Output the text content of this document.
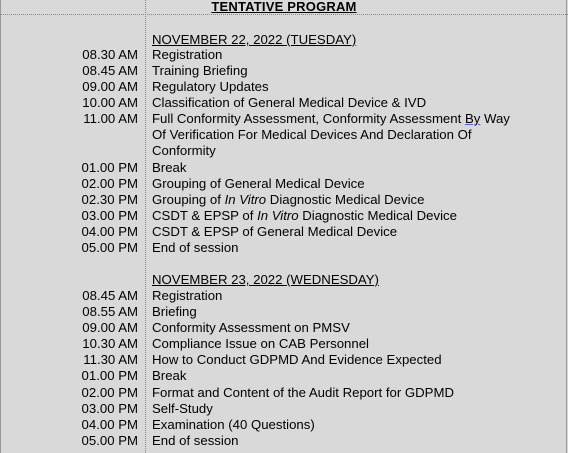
TENTATIVE PROGRAM
NOVEMBER 22, 2022 (TUESDAY)
08.30 AM Registration
08.45 AM Training Briefing
09.00 AM Regulatory Updates
10.00 AM Classification of General Medical Device & IVD
11.00 AM Full Conformity Assessment, Conformity Assessment By Way
Of Verification For Medical Devices And Declaration Of
Conformity
01.00 PM Break
02.00 PM Grouping of General Medical Device
02.30 PM Grouping of In Vitro Diagnostic Medical Device
03.00 PM CSDT & EPSP of In Vitro Diagnostic Medical Device
04.00 PM CSDT & EPSP of General Medical Device
05.00 PM End of session
NOVEMBER 23, 2022 (WEDNESDAY)
08.45 AM Registration
08.55 AM Briefing
09.00 AM Conformity Assessment on PMSV
10.30 AM Compliance Issue on CAB Personnel
11.30 AM How to Conduct GDPMD And Evidence Expected
01.00 PM Break
02.00 PM Format and Content of the Audit Report for GDPMD
03.00 PM Self-Study
04.00 PM Examination (40 Questions)
05.00 PM End of session
